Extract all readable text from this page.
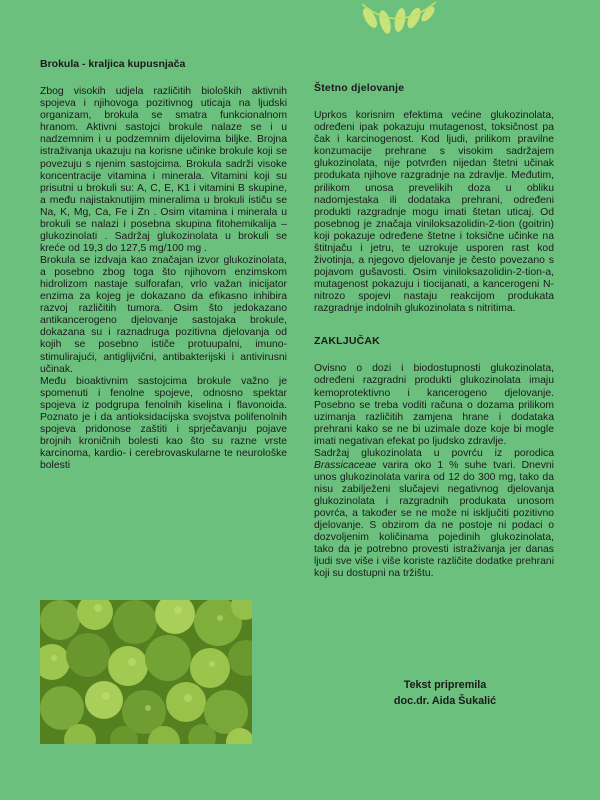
Brokula - kraljica kupusnjača

Zbog visokih udjela različitih bioloških aktivnih spojeva i njihovoga pozitivnog uticaja na ljudski organizam, brokula se smatra funkcionalnom hranom. Aktivni sastojci brokule nalaze se i u nadzemnim i u podzemnim dijelovima biljke. Brojna istraživanja ukazuju na korisne učinke brokule koji se povezuju s njenim sastojcima. Brokula sadrži visoke koncentracije vitamina i minerala. Vitamini koji su prisutni u brokuli su: A, C, E, K1 i vitamini B skupine, a među najistaknutijim mineralima u brokuli ističu se Na, K, Mg, Ca, Fe i Zn . Osim vitamina i minerala u brokuli se nalazi i posebna skupina fitohemikalija –glukozinolati . Sadržaj glukozinolata u brokuli se kreće od 19,3 do 127,5 mg/100 mg .

Brokula se izdvaja kao značajan izvor glukozinolata, a posebno zbog toga što njihovom enzimskom hidrolizom nastaje sulforafan, vrlo važan inicijator enzima za kojeg je dokazano da efikasno inhibira razvoj različitih tumora. Osim što jedokazano antikancerogeno djelovanje sastojaka brokule, dokazana su i raznadruga pozitivna djelovanja od kojih se posebno ističe protuupalni, imuno-stimulirajući, antiglijvični, antibakterijski i antivirusni učinak.

Među bioaktivnim sastojcima brokule važno je spomenuti i fenolne spojeve, odnosno spektar spojeva iz podgrupa fenolnih kiselina i flavonoida. Poznato je i da antioksidacijska svojstva polifenolnih spojeva pridonose zaštiti i sprječavanju pojave brojnih kroničnih bolesti kao što su razne vrste karcinoma, kardio- i cerebrovaskularne te neurološke bolesti

Štetno djelovanje

Uprkos korisnim efektima većine glukozinolata, određeni ipak pokazuju mutagenost, toksičnost pa čak i karcinogenost. Kod ljudi, prilikom pravilne konzumacije prehrane s visokim sadržajem glukozinolata, nije potvrđen nijedan štetni učinak produkata njihove razgradnje na zdravlje. Međutim, prilikom unosa prevelikih doza u obliku nadomjestaka ili dodataka prehrani, određeni produkti razgradnje mogu imati štetan uticaj. Od posebnog je značaja viniloksazolidin-2-tion (goitrin) koji pokazuje određene štetne i toksične učinke na štitnjaču i jetru, te uzrokuje usporen rast kod životinja, a njegovo djelovanje je često povezano s pojavom gušavosti. Osim viniloksazolidin-2-tion-a, mutagenost pokazuju i tiocijanati, a kancerogeni N-nitrozo spojevi nastaju reakcijom produkata razgradnje indolnih glukozinolata s nitritima.

ZAKLJUČAK

Ovisno o dozi i biodostupnosti glukozinolata, određeni razgradni produkti glukozinolata imaju kemoprotektivno i kancerogeno djelovanje. Posebno se treba voditi računa o dozama prilikom uzimanja različitih zamjena hrane i dodataka prehrani kako se ne bi uzimale doze koje bi mogle imati negativan efekat po ljudsko zdravlje.

Sadržaj glukozinolata u povrću iz porodica Brassicaceae varira oko 1 % suhe tvari. Dnevni unos glukozinolata varira od 12 do 300 mg, tako da nisu zabilježeni slučajevi negativnog djelovanja glukozinolata i razgradnih produkata unosom povrća, a također se ne može ni isključiti pozitivno djelovanje. S obzirom da ne postoje ni podaci o dozvoljenim količinama pojedinih glukozinolata, tako da je potrebno provesti istraživanja jer danas ljudi sve više i više koriste različite dodatke prehrani koji su dostupni na tržištu.

Tekst pripremila
doc.dr. Aida Šukalić
